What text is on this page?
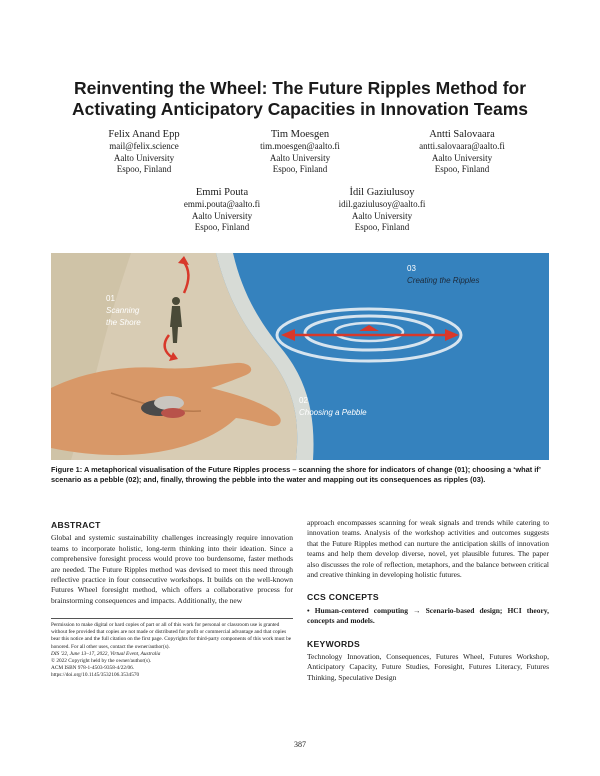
Reinventing the Wheel: The Future Ripples Method for
Activating Anticipatory Capacities in Innovation Teams
Felix Anand Epp
mail@felix.science
Aalto University
Espoo, Finland
Tim Moesgen
tim.moesgen@aalto.fi
Aalto University
Espoo, Finland
Antti Salovaara
antti.salovaara@aalto.fi
Aalto University
Espoo, Finland
Emmi Pouta
emmi.pouta@aalto.fi
Aalto University
Espoo, Finland
İdil Gaziulusoy
idil.gaziulusoy@aalto.fi
Aalto University
Espoo, Finland
01
Scanning
the Shore
02
Choosing a Pebble
03
Creating the Ripples
Figure 1: A metaphorical visualisation of the Future Ripples process – scanning the shore for indicators of change (01); choosing a ‘what if’ scenario as a pebble (02); and, finally, throwing the pebble into the water and mapping out its consequences as ripples (03).
ABSTRACT
Global and systemic sustainability challenges increasingly require innovation teams to incorporate holistic, long-term thinking into their ideation. Since a comprehensive foresight process would prove too burdensome, faster methods are needed. The Future Ripples method was devised to meet this need through reflective practice in four consecutive workshops. It builds on the well-known Futures Wheel foresight method, which offers a collaborative process for brainstorming consequences and impacts. Additionally, the new
Permission to make digital or hard copies of part or all of this work for personal or classroom use is granted without fee provided that copies are not made or distributed for profit or commercial advantage and that copies bear this notice and the full citation on the first page. Copyrights for third-party components of this work must be honored. For all other uses, contact the owner/author(s).
DIS '22, June 13–17, 2022, Virtual Event, Australia
© 2022 Copyright held by the owner/author(s).
ACM ISBN 978-1-4503-9358-4/22/06.
https://doi.org/10.1145/3532106.3534570
approach encompasses scanning for weak signals and trends while catering to innovation teams. Analysis of the workshop activities and outcomes suggests that the Future Ripples method can nurture the anticipation skills of innovation teams and help them develop diverse, novel, yet plausible futures. The paper also discusses the role of reflection, metaphors, and the balance between critical and creative thinking in developing holistic futures.
CCS CONCEPTS
• Human-centered computing → Scenario-based design; HCI theory, concepts and models.
KEYWORDS
Technology Innovation, Consequences, Futures Wheel, Futures Workshop, Anticipatory Capacity, Future Studies, Foresight, Futures Literacy, Futures Thinking, Speculative Design
387
